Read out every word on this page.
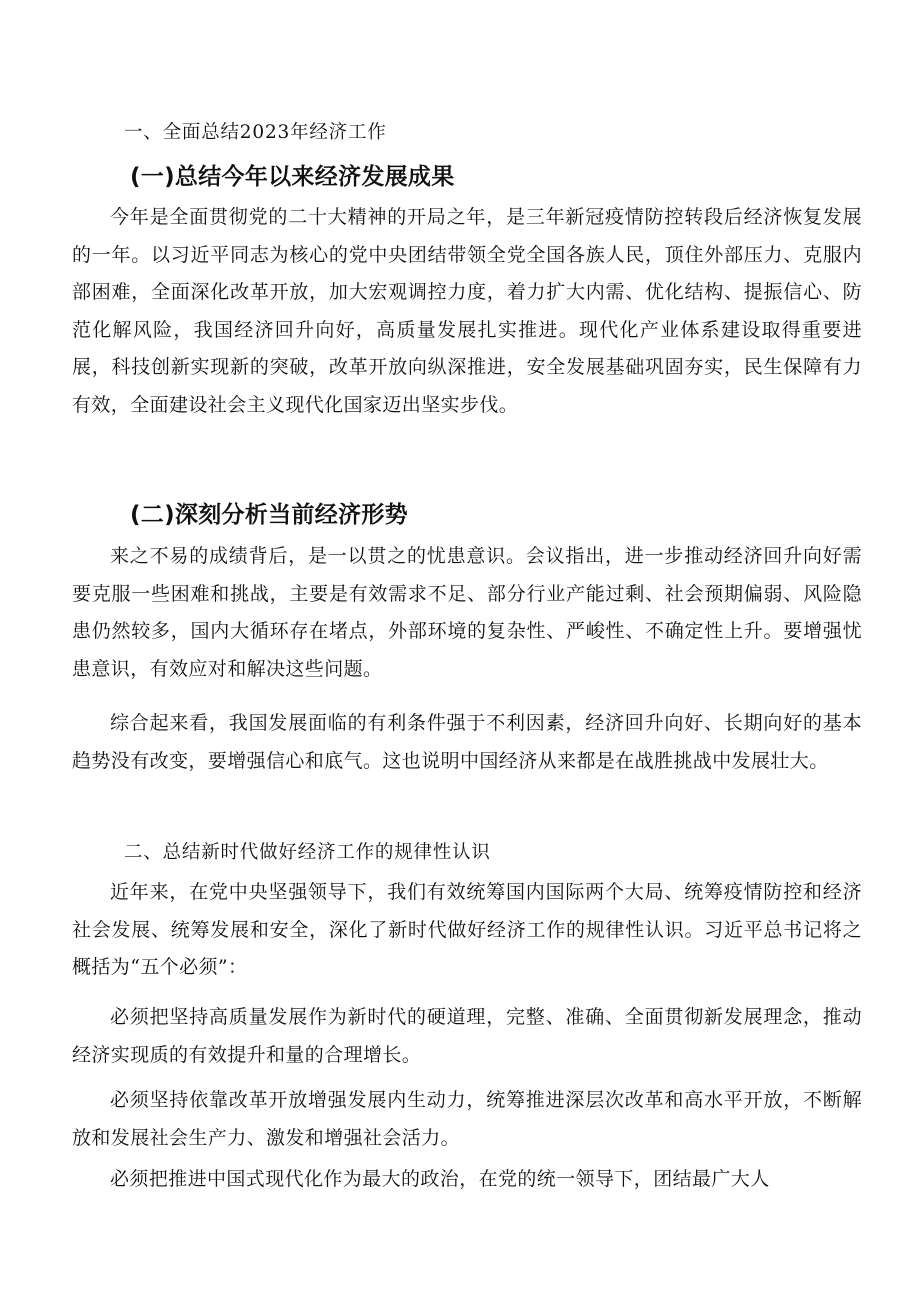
一、全面总结2023年经济工作
(一)总结今年以来经济发展成果

今年是全面贯彻党的二十大精神的开局之年，是三年新冠疫情防控转段后经济恢复发展的一年。以习近平同志为核心的党中央团结带领全党全国各族人民，顶住外部压力、克服内部困难，全面深化改革开放，加大宏观调控力度，着力扩大内需、优化结构、提振信心、防范化解风险，我国经济回升向好，高质量发展扎实推进。现代化产业体系建设取得重要进展，科技创新实现新的突破，改革开放向纵深推进，安全发展基础巩固夯实，民生保障有力有效，全面建设社会主义现代化国家迈出坚实步伐。

(二)深刻分析当前经济形势

来之不易的成绩背后，是一以贯之的忧患意识。会议指出，进一步推动经济回升向好需要克服一些困难和挑战，主要是有效需求不足、部分行业产能过剩、社会预期偏弱、风险隐患仍然较多，国内大循环存在堵点，外部环境的复杂性、严峻性、不确定性上升。要增强忧患意识，有效应对和解决这些问题。

综合起来看，我国发展面临的有利条件强于不利因素，经济回升向好、长期向好的基本趋势没有改变，要增强信心和底气。这也说明中国经济从来都是在战胜挑战中发展壮大。

二、总结新时代做好经济工作的规律性认识

近年来，在党中央坚强领导下，我们有效统筹国内国际两个大局、统筹疫情防控和经济社会发展、统筹发展和安全，深化了新时代做好经济工作的规律性认识。习近平总书记将之概括为“五个必须”：

必须把坚持高质量发展作为新时代的硬道理，完整、准确、全面贯彻新发展理念，推动经济实现质的有效提升和量的合理增长。

必须坚持依靠改革开放增强发展内生动力，统筹推进深层次改革和高水平开放，不断解放和发展社会生产力、激发和增强社会活力。

必须把推进中国式现代化作为最大的政治，在党的统一领导下，团结最广大人
